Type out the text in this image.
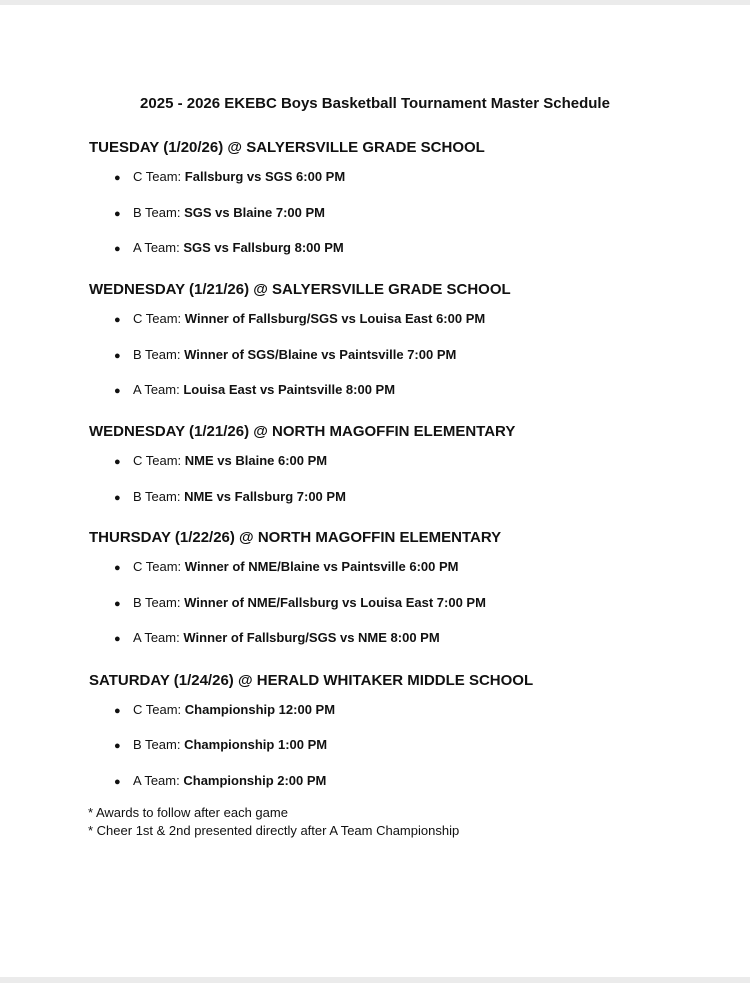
2025 - 2026 EKEBC Boys Basketball Tournament Master Schedule
TUESDAY (1/20/26) @ SALYERSVILLE GRADE SCHOOL
● C Team: Fallsburg vs SGS 6:00 PM
● B Team: SGS vs Blaine 7:00 PM
● A Team: SGS vs Fallsburg 8:00 PM
WEDNESDAY (1/21/26) @ SALYERSVILLE GRADE SCHOOL
● C Team: Winner of Fallsburg/SGS vs Louisa East 6:00 PM
● B Team: Winner of SGS/Blaine vs Paintsville 7:00 PM
● A Team: Louisa East vs Paintsville 8:00 PM
WEDNESDAY (1/21/26) @ NORTH MAGOFFIN ELEMENTARY
● C Team: NME vs Blaine 6:00 PM
● B Team: NME vs Fallsburg 7:00 PM
THURSDAY (1/22/26) @ NORTH MAGOFFIN ELEMENTARY
● C Team: Winner of NME/Blaine vs Paintsville 6:00 PM
● B Team: Winner of NME/Fallsburg vs Louisa East 7:00 PM
● A Team: Winner of Fallsburg/SGS vs NME 8:00 PM
SATURDAY (1/24/26) @ HERALD WHITAKER MIDDLE SCHOOL
● C Team: Championship 12:00 PM
● B Team: Championship 1:00 PM
● A Team: Championship 2:00 PM
* Awards to follow after each game
* Cheer 1st & 2nd presented directly after A Team Championship
